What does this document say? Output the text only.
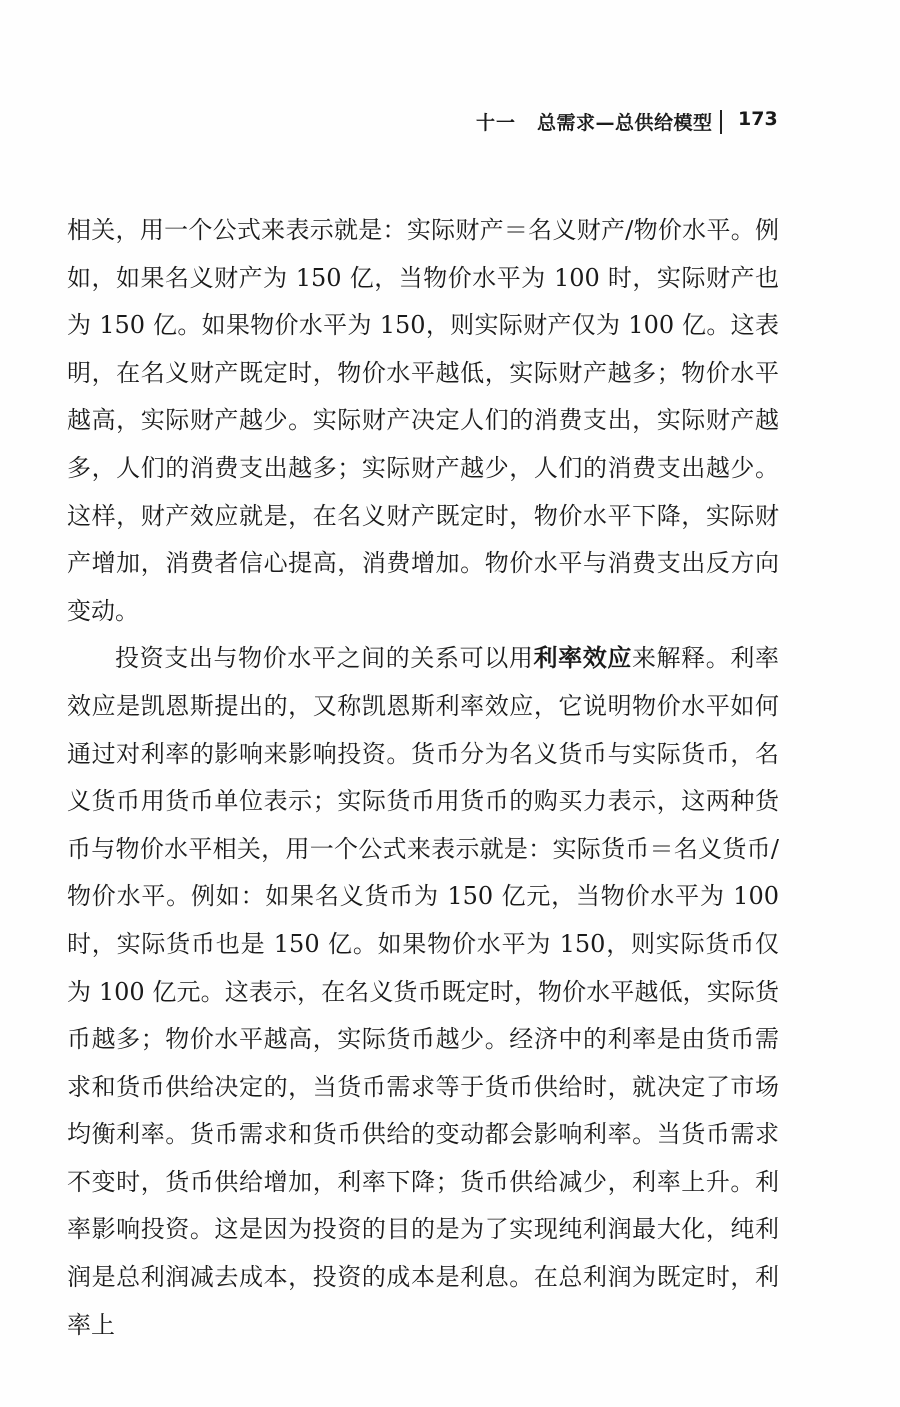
十一 总需求—总供给模型 173

相关，用一个公式来表示就是：实际财产＝名义财产/物价水平。例如，如果名义财产为 150 亿，当物价水平为 100 时，实际财产也为 150 亿。如果物价水平为 150，则实际财产仅为 100 亿。这表明，在名义财产既定时，物价水平越低，实际财产越多；物价水平越高，实际财产越少。实际财产决定人们的消费支出，实际财产越多，人们的消费支出越多；实际财产越少，人们的消费支出越少。这样，财产效应就是，在名义财产既定时，物价水平下降，实际财产增加，消费者信心提高，消费增加。物价水平与消费支出反方向变动。

投资支出与物价水平之间的关系可以用利率效应来解释。利率效应是凯恩斯提出的，又称凯恩斯利率效应，它说明物价水平如何通过对利率的影响来影响投资。货币分为名义货币与实际货币，名义货币用货币单位表示；实际货币用货币的购买力表示，这两种货币与物价水平相关，用一个公式来表示就是：实际货币＝名义货币/物价水平。例如：如果名义货币为 150 亿元，当物价水平为 100 时，实际货币也是 150 亿。如果物价水平为 150，则实际货币仅为 100 亿元。这表示，在名义货币既定时，物价水平越低，实际货币越多；物价水平越高，实际货币越少。经济中的利率是由货币需求和货币供给决定的，当货币需求等于货币供给时，就决定了市场均衡利率。货币需求和货币供给的变动都会影响利率。当货币需求不变时，货币供给增加，利率下降；货币供给减少，利率上升。利率影响投资。这是因为投资的目的是为了实现纯利润最大化，纯利润是总利润减去成本，投资的成本是利息。在总利润为既定时，利率上
